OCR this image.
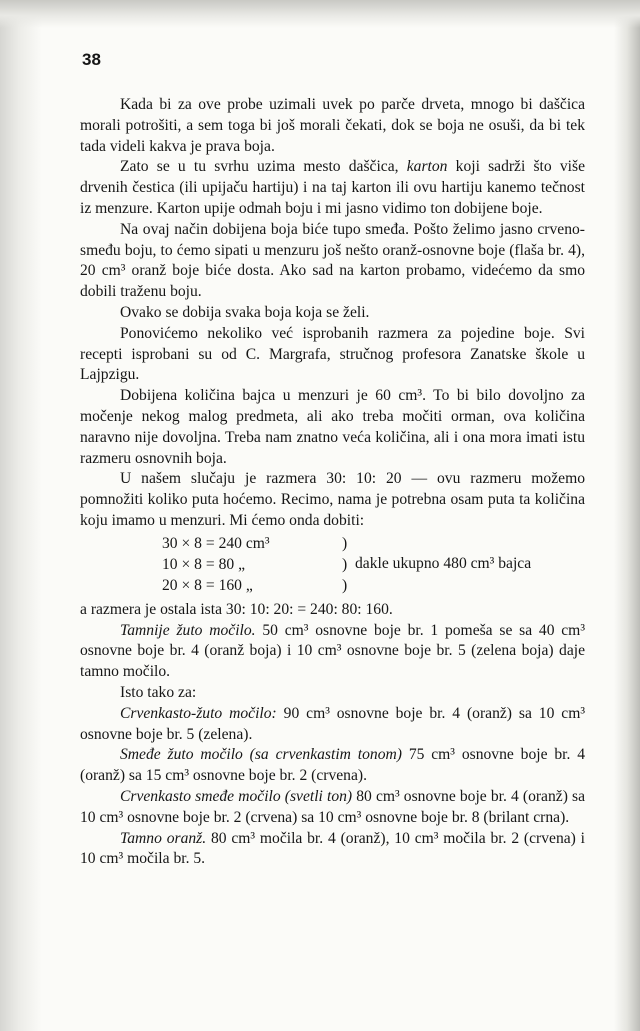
38

Kada bi za ove probe uzimali uvek po parče drveta, mnogo bi daščica morali potrošiti, a sem toga bi još morali čekati, dok se boja ne osuši, da bi tek tada videli kakva je prava boja.

Zato se u tu svrhu uzima mesto daščica, karton koji sadrži što više drvenih čestica (ili upijaču hartiju) i na taj karton ili ovu hartiju kanemo tečnost iz menzure. Karton upije odmah boju i mi jasno vidimo ton dobijene boje.

Na ovaj način dobijena boja biće tupo smeđa. Pošto želimo jasno crveno-smeđu boju, to ćemo sipati u menzuru još nešto oranž-osnovne boje (flaša br. 4), 20 cm³ oranž boje biće dosta. Ako sad na karton probamo, videćemo da smo dobili traženu boju.

Ovako se dobija svaka boja koja se želi.

Ponovićemo nekoliko već isprobanih razmera za pojedine boje. Svi recepti isprobani su od C. Margrafa, stručnog profesora Zanatske škole u Lajpzigu.

Dobijena količina bajca u menzuri je 60 cm³. To bi bilo dovoljno za močenje nekog malog predmeta, ali ako treba močiti orman, ova količina naravno nije dovoljna. Treba nam znatno veća količina, ali i ona mora imati istu razmeru osnovnih boja.

U našem slučaju je razmera 30: 10: 20 — ovu razmeru možemo pomnožiti koliko puta hoćemo. Recimo, nama je potrebna osam puta ta količina koju imamo u menzuri. Mi ćemo onda dobiti:

30 × 8 = 240 cm³
10 × 8 = 80 „
20 × 8 = 160 „
)
)
)
dakle ukupno 480 cm³ bajca

a razmera je ostala ista 30: 10: 20: = 240: 80: 160.

Tamnije žuto močilo. 50 cm³ osnovne boje br. 1 pomeša se sa 40 cm³ osnovne boje br. 4 (oranž boja) i 10 cm³ osnovne boje br. 5 (zelena boja) daje tamno močilo.

Isto tako za:

Crvenkasto-žuto močilo: 90 cm³ osnovne boje br. 4 (oranž) sa 10 cm³ osnovne boje br. 5 (zelena).

Smeđe žuto močilo (sa crvenkastim tonom) 75 cm³ osnovne boje br. 4 (oranž) sa 15 cm³ osnovne boje br. 2 (crvena).

Crvenkasto smeđe močilo (svetli ton) 80 cm³ osnovne boje br. 4 (oranž) sa 10 cm³ osnovne boje br. 2 (crvena) sa 10 cm³ osnovne boje br. 8 (brilant crna).

Tamno oranž. 80 cm³ močila br. 4 (oranž), 10 cm³ močila br. 2 (crvena) i 10 cm³ močila br. 5.
